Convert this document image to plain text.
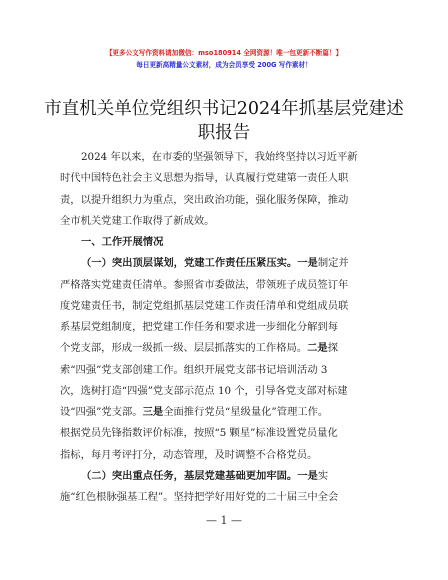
【更多公文写作资料请加微信：mso180914 全网资源！唯一包更新不断篇！】
每日更新高精量公文素材，成为会员享受 200G 写作素材！
市直机关单位党组织书记2024年抓基层党建述
职报告
2024 年以来，在市委的坚强领导下，我始终坚持以习近平新
时代中国特色社会主义思想为指导，认真履行党建第一责任人职
责，以提升组织力为重点，突出政治功能，强化服务保障，推动
全市机关党建工作取得了新成效。
一、工作开展情况
（一）突出顶层谋划，党建工作责任压紧压实。一是制定并
严格落实党建责任清单。参照省市委做法，带领班子成员签订年
度党建责任书，制定党组抓基层党建工作责任清单和党组成员联
系基层党组制度，把党建工作任务和要求进一步细化分解到每
个党支部，形成一级抓一级、层层抓落实的工作格局。二是探
索“四强”党支部创建工作。组织开展党支部书记培训活动 3
次，选树打造“四强”党支部示范点 10 个，引导各党支部对标建
设“四强”党支部。三是全面推行党员“星级量化”管理工作。
根据党员先锋指数评价标准，按照“5 颗星”标准设置党员量化
指标，每月考评打分，动态管理，及时调整不合格党员。
（二）突出重点任务，基层党建基础更加牢固。一是实
施“红色根脉强基工程”。坚持把学好用好党的二十届三中全会
— 1 —
